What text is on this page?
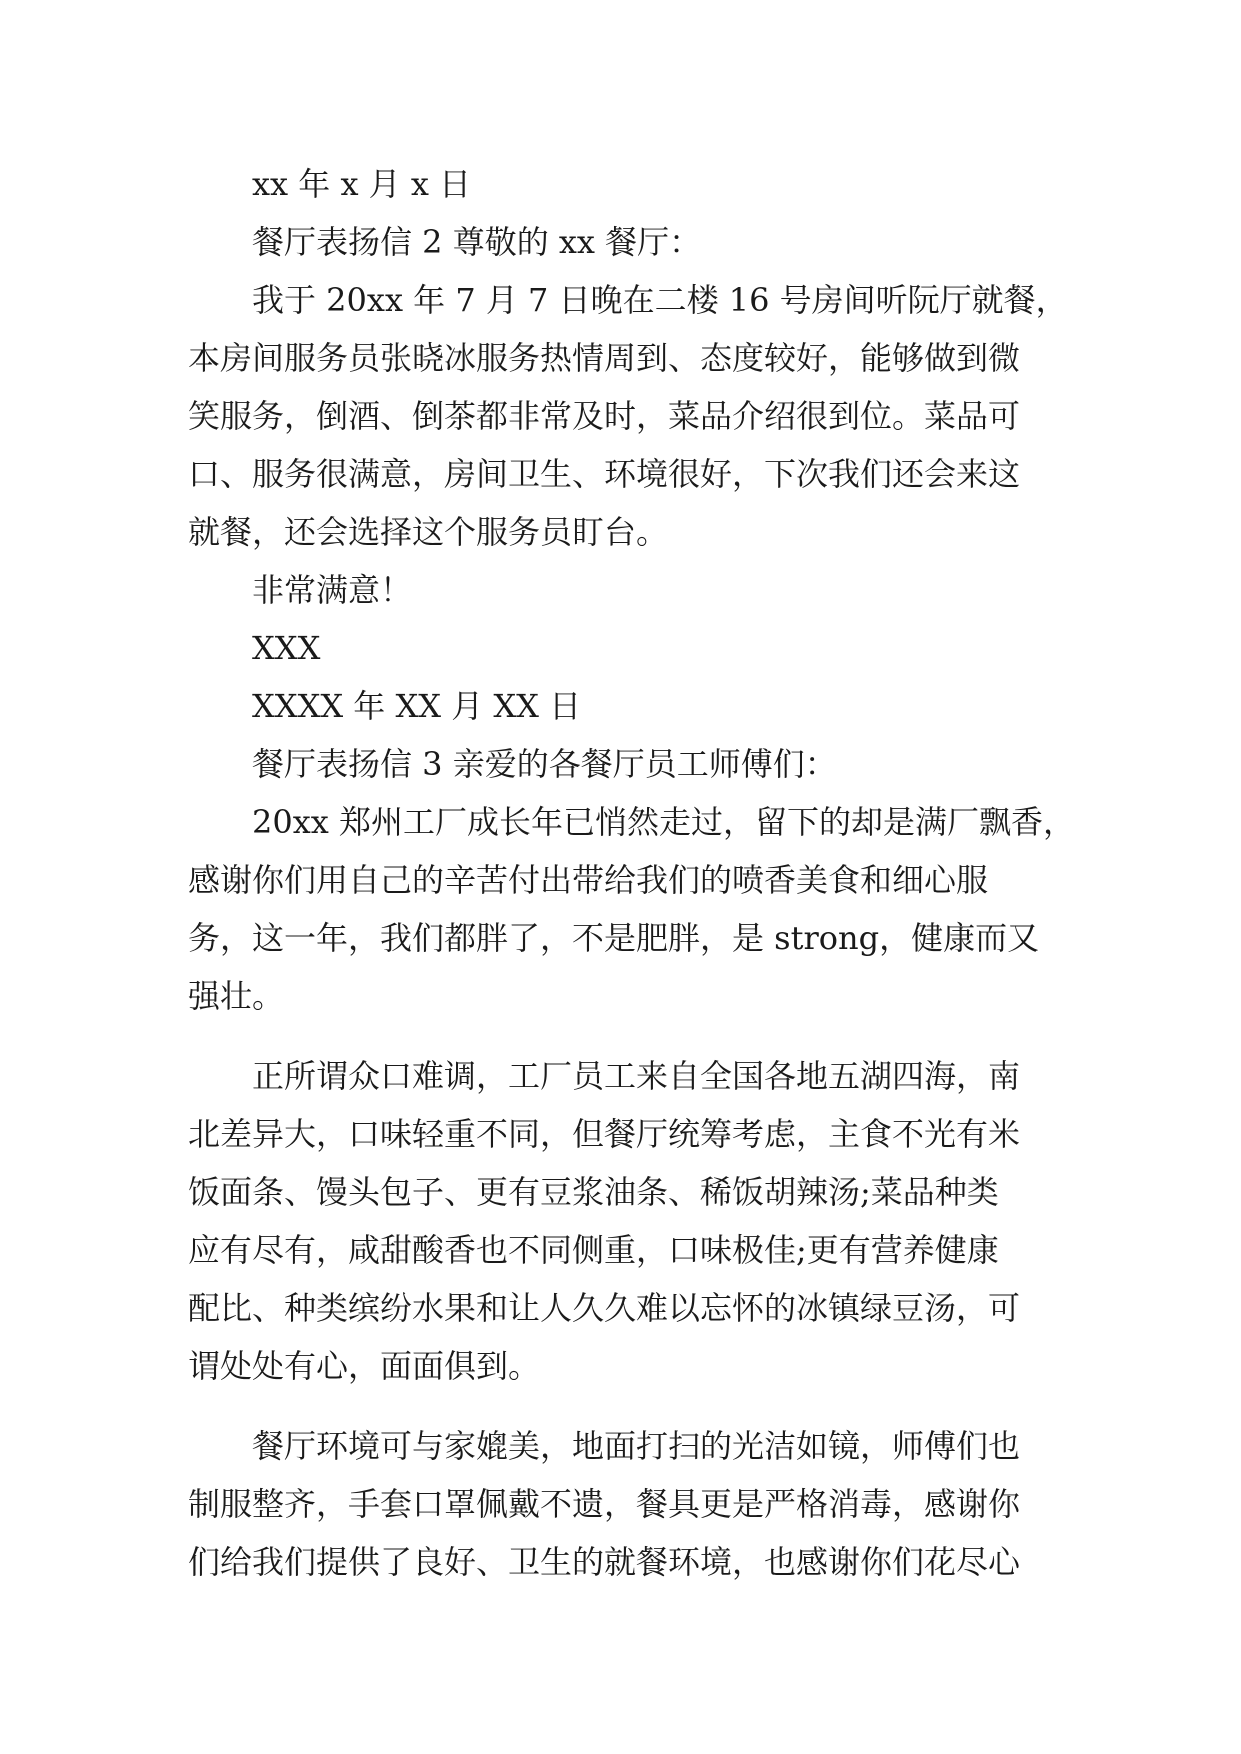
xx 年 x 月 x 日
餐厅表扬信 2 尊敬的 xx 餐厅：
我于 20xx 年 7 月 7 日晚在二楼 16 号房间听阮厅就餐，
本房间服务员张晓冰服务热情周到、态度较好，能够做到微
笑服务，倒酒、倒茶都非常及时，菜品介绍很到位。菜品可
口、服务很满意，房间卫生、环境很好，下次我们还会来这
就餐，还会选择这个服务员盯台。
非常满意！
XXX
XXXX 年 XX 月 XX 日
餐厅表扬信 3 亲爱的各餐厅员工师傅们：
20xx 郑州工厂成长年已悄然走过，留下的却是满厂飘香，
感谢你们用自己的辛苦付出带给我们的喷香美食和细心服
务，这一年，我们都胖了，不是肥胖，是 strong，健康而又
强壮。
正所谓众口难调，工厂员工来自全国各地五湖四海，南
北差异大，口味轻重不同，但餐厅统筹考虑，主食不光有米
饭面条、馒头包子、更有豆浆油条、稀饭胡辣汤;菜品种类
应有尽有，咸甜酸香也不同侧重，口味极佳;更有营养健康
配比、种类缤纷水果和让人久久难以忘怀的冰镇绿豆汤，可
谓处处有心，面面俱到。
餐厅环境可与家媲美，地面打扫的光洁如镜，师傅们也
制服整齐，手套口罩佩戴不遗，餐具更是严格消毒，感谢你
们给我们提供了良好、卫生的就餐环境，也感谢你们花尽心
